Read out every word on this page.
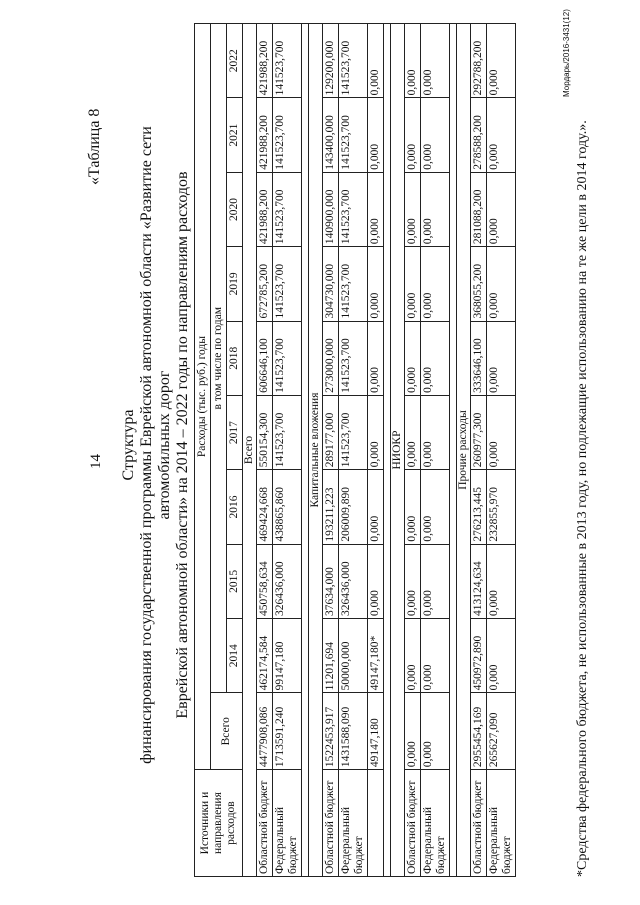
14
«Таблица 8
Структура финансирования государственной программы Еврейской автономной области «Развитие сети автомобильных дорог Еврейской автономной области» на 2014 – 2022 годы по направлениям расходов
Источники и направления расходов	Расходы (тыс. руб.) годы									
	Всего	в том числе по годам								
		2014	2015	2016	2017	2018	2019	2020	2021	2022
Всего										
Областной бюджет	4477908,086	462174,584	450758,634	469424,668	550154,300	606646,100	672785,200	421988,200	421988,200	421988,200
Федеральный бюджет	1713591,240	99147,180	326436,000	438865,860	141523,700	141523,700	141523,700	141523,700	141523,700	141523,700

Капитальные вложения										
Областной бюджет	1522453,917	11201,694	37634,000	193211,223	289177,000	273000,000	304730,000	140900,000	143400,000	129200,000
Федеральный бюджет	1431588,090	50000,000	326436,000	206009,890	141523,700	141523,700	141523,700	141523,700	141523,700	141523,700
	49147,180	49147,180*	0,000	0,000	0,000	0,000	0,000	0,000	0,000	0,000

НИОКР										
Областной бюджет	0,000	0,000	0,000	0,000	0,000	0,000	0,000	0,000	0,000	0,000
Федеральный бюджет	0,000	0,000	0,000	0,000	0,000	0,000	0,000	0,000	0,000	0,000

Прочие расходы										
Областной бюджет	2955454,169	450972,890	413124,634	276213,445	260977,300	333646,100	368055,200	281088,200	278588,200	292788,200
Федеральный бюджет	265627,090	0,000	0,000	232855,970	0,000	0,000	0,000	0,000	0,000	0,000
*Средства федерального бюджета, не использованные в 2013 году, но подлежащие использованию на те же цели в 2014 году.».
Мордарь/2016-3431(12)
